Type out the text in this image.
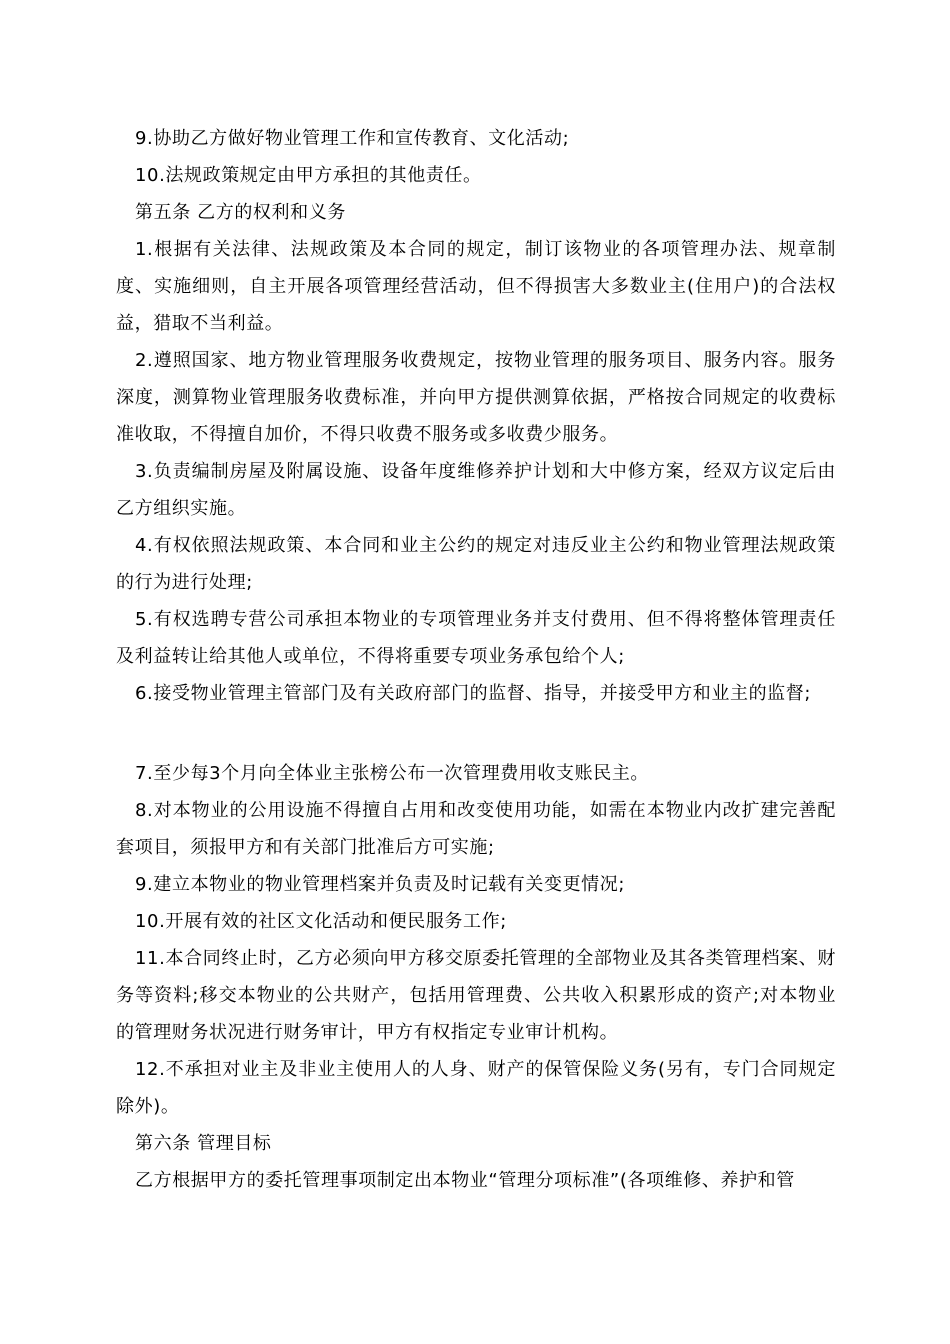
9.协助乙方做好物业管理工作和宣传教育、文化活动;

10.法规政策规定由甲方承担的其他责任。

第五条 乙方的权利和义务

1.根据有关法律、法规政策及本合同的规定，制订该物业的各项管理办法、规章制度、实施细则，自主开展各项管理经营活动，但不得损害大多数业主(住用户)的合法权益，猎取不当利益。

2.遵照国家、地方物业管理服务收费规定，按物业管理的服务项目、服务内容。服务深度，测算物业管理服务收费标准，并向甲方提供测算依据，严格按合同规定的收费标准收取，不得擅自加价，不得只收费不服务或多收费少服务。

3.负责编制房屋及附属设施、设备年度维修养护计划和大中修方案，经双方议定后由乙方组织实施。

4.有权依照法规政策、本合同和业主公约的规定对违反业主公约和物业管理法规政策的行为进行处理;

5.有权选聘专营公司承担本物业的专项管理业务并支付费用、但不得将整体管理责任及利益转让给其他人或单位，不得将重要专项业务承包给个人;

6.接受物业管理主管部门及有关政府部门的监督、指导，并接受甲方和业主的监督;

7.至少每3个月向全体业主张榜公布一次管理费用收支账民主。

8.对本物业的公用设施不得擅自占用和改变使用功能，如需在本物业内改扩建完善配套项目，须报甲方和有关部门批准后方可实施;

9.建立本物业的物业管理档案并负责及时记载有关变更情况;

10.开展有效的社区文化活动和便民服务工作;

11.本合同终止时，乙方必须向甲方移交原委托管理的全部物业及其各类管理档案、财务等资料;移交本物业的公共财产，包括用管理费、公共收入积累形成的资产;对本物业的管理财务状况进行财务审计，甲方有权指定专业审计机构。

12.不承担对业主及非业主使用人的人身、财产的保管保险义务(另有，专门合同规定除外)。

第六条 管理目标

乙方根据甲方的委托管理事项制定出本物业“管理分项标准”(各项维修、养护和管
